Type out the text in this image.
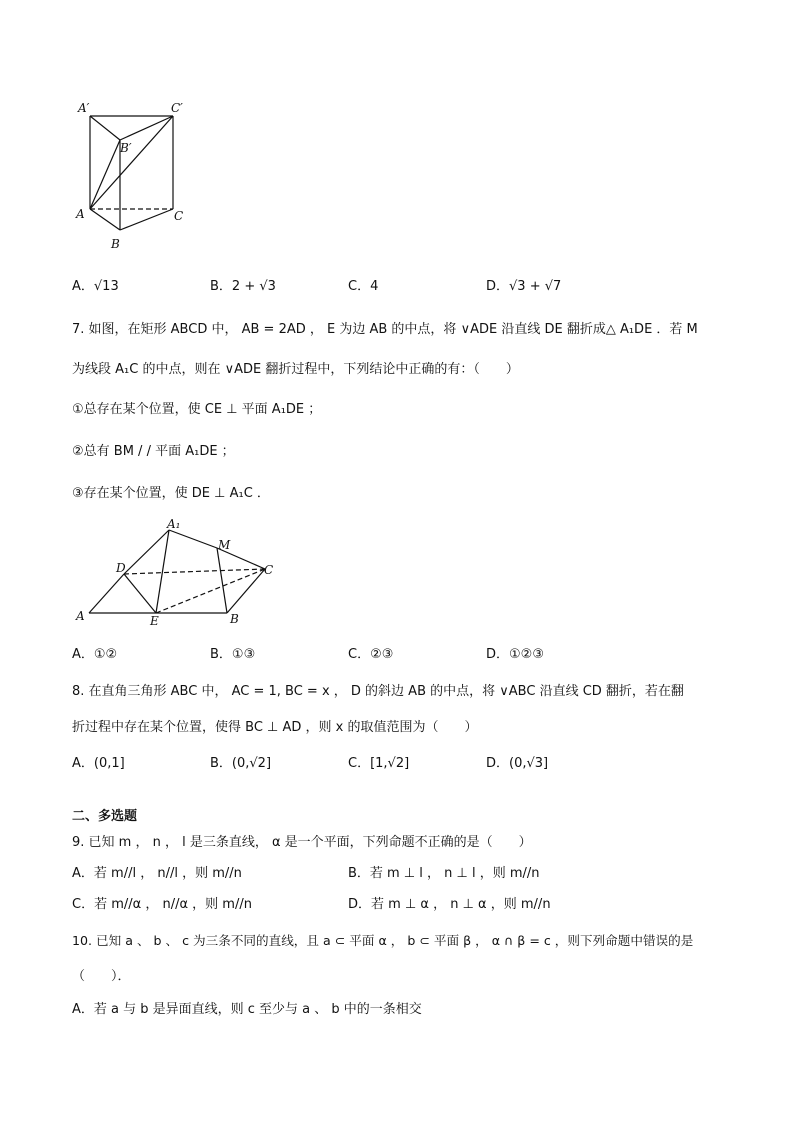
A′	C′
B′
A	C
B
A．√13	B．2 + √3	C．4	D．√3 + √7
7. 如图，在矩形 ABCD 中， AB = 2AD ， E 为边 AB 的中点，将 ∨ADE 沿直线 DE 翻折成△ A₁DE ．若 M
为线段 A₁C 的中点，则在 ∨ADE 翻折过程中，下列结论中正确的有：（　　）
①总存在某个位置，使 CE ⊥ 平面 A₁DE ；
②总有 BM / / 平面 A₁DE ；
③存在某个位置，使 DE ⊥ A₁C ．
A₁
M
D	C
A	E	B
A．①②	B．①③	C．②③	D．①②③
8. 在直角三角形 ABC 中， AC = 1, BC = x ， D 的斜边 AB 的中点，将 ∨ABC 沿直线 CD 翻折，若在翻
折过程中存在某个位置，使得 BC ⊥ AD ，则 x 的取值范围为（　　）
A．(0,1]	B．(0,√2]	C．[1,√2]	D．(0,√3]
二、多选题
9. 已知 m ， n ， l 是三条直线， α 是一个平面，下列命题不正确的是（　　）
A．若 m//l ， n//l ，则 m//n	B．若 m ⊥ l ， n ⊥ l ，则 m//n
C．若 m//α ， n//α ，则 m//n	D．若 m ⊥ α ， n ⊥ α ，则 m//n
10. 已知 a 、 b 、 c 为三条不同的直线，且 a ⊂ 平面 α ， b ⊂ 平面 β ， α ∩ β = c ，则下列命题中错误的是
（　　）．
A．若 a 与 b 是异面直线，则 c 至少与 a 、 b 中的一条相交
